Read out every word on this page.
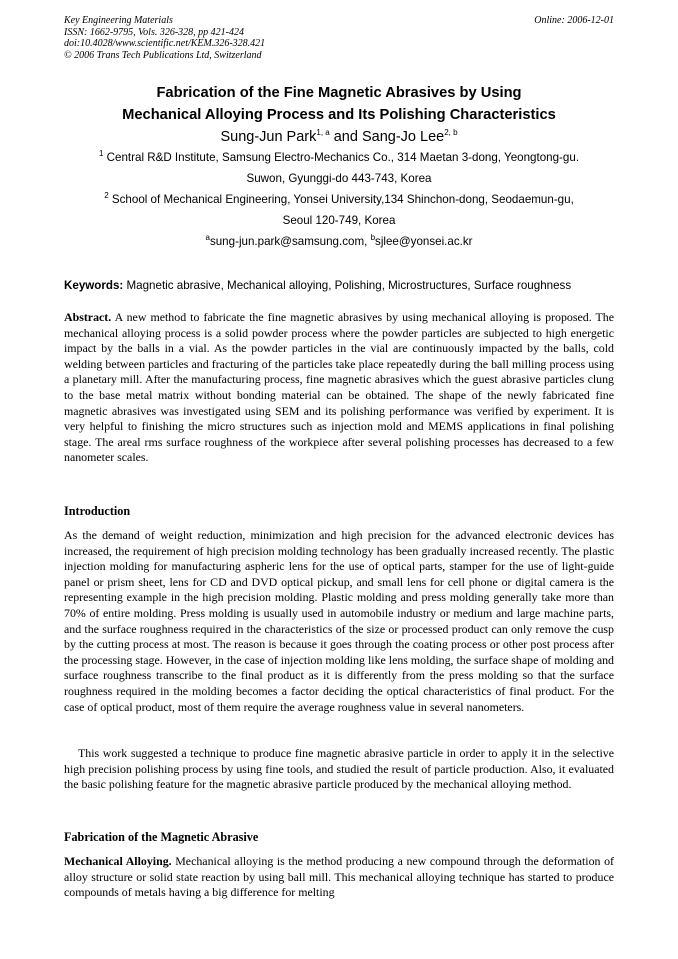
Key Engineering Materials
ISSN: 1662-9795, Vols. 326-328, pp 421-424
doi:10.4028/www.scientific.net/KEM.326-328.421
© 2006 Trans Tech Publications Ltd, Switzerland
Online: 2006-12-01
Fabrication of the Fine Magnetic Abrasives by Using
Mechanical Alloying Process and Its Polishing Characteristics
Sung-Jun Park$^{1, a}$ and Sang-Jo Lee$^{2, b}$
$^1$ Central R&D Institute, Samsung Electro-Mechanics Co., 314 Maetan 3-dong, Yeongtong-gu.
Suwon, Gyunggi-do 443-743, Korea
$^2$ School of Mechanical Engineering, Yonsei University,134 Shinchon-dong, Seodaemun-gu,
Seoul 120-749, Korea
$^a$sung-jun.park@samsung.com, $^b$sjlee@yonsei.ac.kr
Keywords: Magnetic abrasive, Mechanical alloying, Polishing, Microstructures, Surface roughness
Abstract. A new method to fabricate the fine magnetic abrasives by using mechanical alloying is proposed. The mechanical alloying process is a solid powder process where the powder particles are subjected to high energetic impact by the balls in a vial. As the powder particles in the vial are continuously impacted by the balls, cold welding between particles and fracturing of the particles take place repeatedly during the ball milling process using a planetary mill. After the manufacturing process, fine magnetic abrasives which the guest abrasive particles clung to the base metal matrix without bonding material can be obtained. The shape of the newly fabricated fine magnetic abrasives was investigated using SEM and its polishing performance was verified by experiment. It is very helpful to finishing the micro structures such as injection mold and MEMS applications in final polishing stage. The areal rms surface roughness of the workpiece after several polishing processes has decreased to a few nanometer scales.
Introduction
As the demand of weight reduction, minimization and high precision for the advanced electronic devices has increased, the requirement of high precision molding technology has been gradually increased recently. The plastic injection molding for manufacturing aspheric lens for the use of optical parts, stamper for the use of light-guide panel or prism sheet, lens for CD and DVD optical pickup, and small lens for cell phone or digital camera is the representing example in the high precision molding. Plastic molding and press molding generally take more than 70% of entire molding. Press molding is usually used in automobile industry or medium and large machine parts, and the surface roughness required in the characteristics of the size or processed product can only remove the cusp by the cutting process at most. The reason is because it goes through the coating process or other post process after the processing stage. However, in the case of injection molding like lens molding, the surface shape of molding and surface roughness transcribe to the final product as it is differently from the press molding so that the surface roughness required in the molding becomes a factor deciding the optical characteristics of final product. For the case of optical product, most of them require the average roughness value in several nanometers.
This work suggested a technique to produce fine magnetic abrasive particle in order to apply it in the selective high precision polishing process by using fine tools, and studied the result of particle production. Also, it evaluated the basic polishing feature for the magnetic abrasive particle produced by the mechanical alloying method.
Fabrication of the Magnetic Abrasive
Mechanical Alloying. Mechanical alloying is the method producing a new compound through the deformation of alloy structure or solid state reaction by using ball mill. This mechanical alloying technique has started to produce compounds of metals having a big difference for melting
